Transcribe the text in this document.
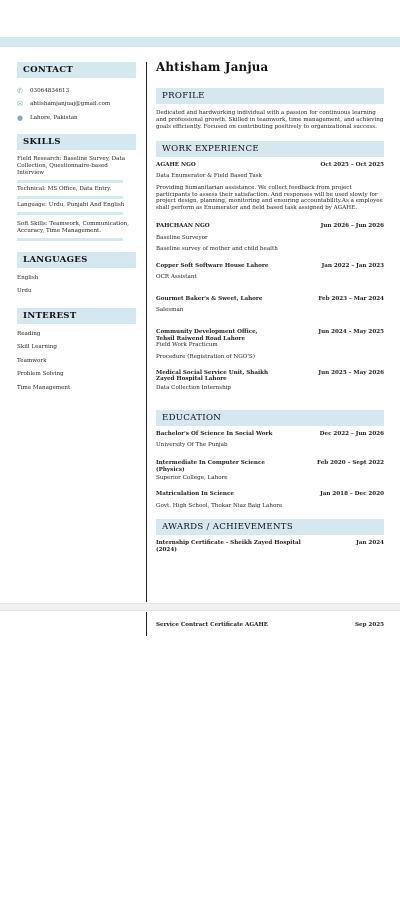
CONTACT
✆	03064834613
✉	ahtishamjanjuaj@gmail.com
●	Lahore, Pakistan
SKILLS
Field Research: Baseline Survey, Data Collection, Questionnaire-based Interview
Technical: MS Office, Data Entry.
Language: Urdu, Punjabi And English
Soft Skills: Teamwork, Communication, Accuracy, Time Management.
LANGUAGES
English
Urdu
INTEREST
Reading
Skill Learning
Teamwork
Problem Solving
Time Management
Ahtisham Janjua
PROFILE
Dedicated and hardworking individual with a passion for continuous learning and professional growth. Skilled in teamwork, time management, and achieving goals efficiently. Focused on contributing positively to organizational success.
WORK EXPERIENCE
AGAHE NGO	Oct 2025 – Oct 2025
Data Enumerator & Field Based Task
Providing humanitarian assistance. We collect feedback from project participants to assess their satisfaction. And responses will be used slowly for project design, planning, monitoring and ensuring accountability.As a employee shall perform as Enumerator and field based task assigned by AGAHE.
PAHCHAAN NGO	Jun 2026 – Jun 2026
Baseline Surveyor
Baseline survey of mother and child health
Copper Soft Software House Lahore	Jan 2022 – Jan 2023
OCR Assistant
Gourmet Baker's & Sweet, Lahore	Feb 2023 – Mar 2024
Salesman
Community Development Office, Tehsil Raiwend Road Lahore
Jun 2024 – May 2025
Field Work Practicum
Procedure (Registration of NGO'S)
Medical Social Service Unit, Shaikh Zayed Hospital Lahore
Jun 2025 – May 2026
Data Collection Internship
EDUCATION
Bachelor's Of Science In Social Work	Dec 2022 – Jun 2026
University Of The Punjab
Intermediate In Computer Science (Physics)
Feb 2020 – Sept 2022
Superior College, Lahore
Matriculation In Science	Jan 2018 – Dec 2020
Govt. High School, Thokar Niaz Baig Lahore
AWARDS / ACHIEVEMENTS
Internship Certificate - Sheikh Zayed Hospital (2024)
Jan 2024
Service Contract Certificate AGAHE	Sep 2025
